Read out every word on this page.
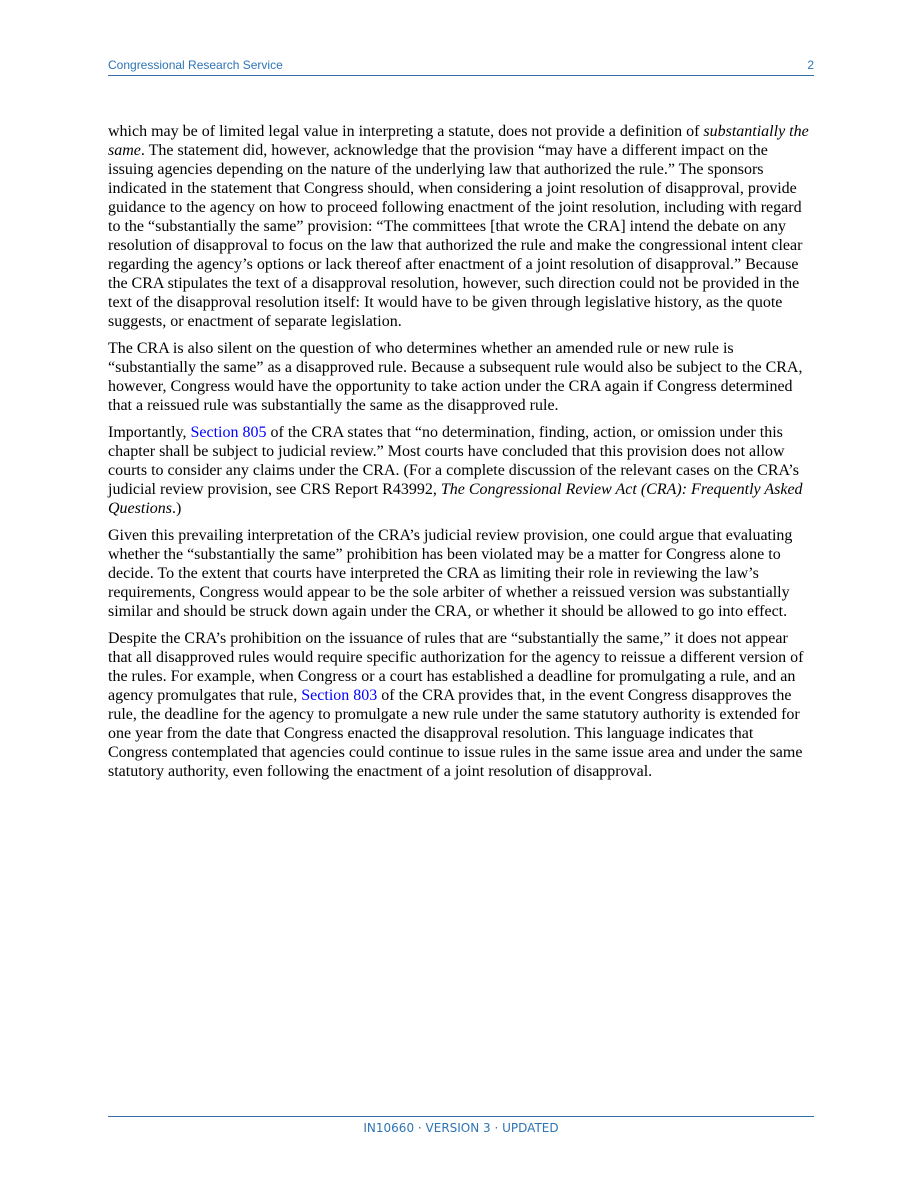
Congressional Research Service	2

which may be of limited legal value in interpreting a statute, does not provide a definition of substantially the same. The statement did, however, acknowledge that the provision “may have a different impact on the issuing agencies depending on the nature of the underlying law that authorized the rule.” The sponsors indicated in the statement that Congress should, when considering a joint resolution of disapproval, provide guidance to the agency on how to proceed following enactment of the joint resolution, including with regard to the “substantially the same” provision: “The committees [that wrote the CRA] intend the debate on any resolution of disapproval to focus on the law that authorized the rule and make the congressional intent clear regarding the agency’s options or lack thereof after enactment of a joint resolution of disapproval.” Because the CRA stipulates the text of a disapproval resolution, however, such direction could not be provided in the text of the disapproval resolution itself: It would have to be given through legislative history, as the quote suggests, or enactment of separate legislation.

The CRA is also silent on the question of who determines whether an amended rule or new rule is “substantially the same” as a disapproved rule. Because a subsequent rule would also be subject to the CRA, however, Congress would have the opportunity to take action under the CRA again if Congress determined that a reissued rule was substantially the same as the disapproved rule.

Importantly, Section 805 of the CRA states that “no determination, finding, action, or omission under this chapter shall be subject to judicial review.” Most courts have concluded that this provision does not allow courts to consider any claims under the CRA. (For a complete discussion of the relevant cases on the CRA’s judicial review provision, see CRS Report R43992, The Congressional Review Act (CRA): Frequently Asked Questions.)

Given this prevailing interpretation of the CRA’s judicial review provision, one could argue that evaluating whether the “substantially the same” prohibition has been violated may be a matter for Congress alone to decide. To the extent that courts have interpreted the CRA as limiting their role in reviewing the law’s requirements, Congress would appear to be the sole arbiter of whether a reissued version was substantially similar and should be struck down again under the CRA, or whether it should be allowed to go into effect.

Despite the CRA’s prohibition on the issuance of rules that are “substantially the same,” it does not appear that all disapproved rules would require specific authorization for the agency to reissue a different version of the rules. For example, when Congress or a court has established a deadline for promulgating a rule, and an agency promulgates that rule, Section 803 of the CRA provides that, in the event Congress disapproves the rule, the deadline for the agency to promulgate a new rule under the same statutory authority is extended for one year from the date that Congress enacted the disapproval resolution. This language indicates that Congress contemplated that agencies could continue to issue rules in the same issue area and under the same statutory authority, even following the enactment of a joint resolution of disapproval.

IN10660 · VERSION 3 · UPDATED
